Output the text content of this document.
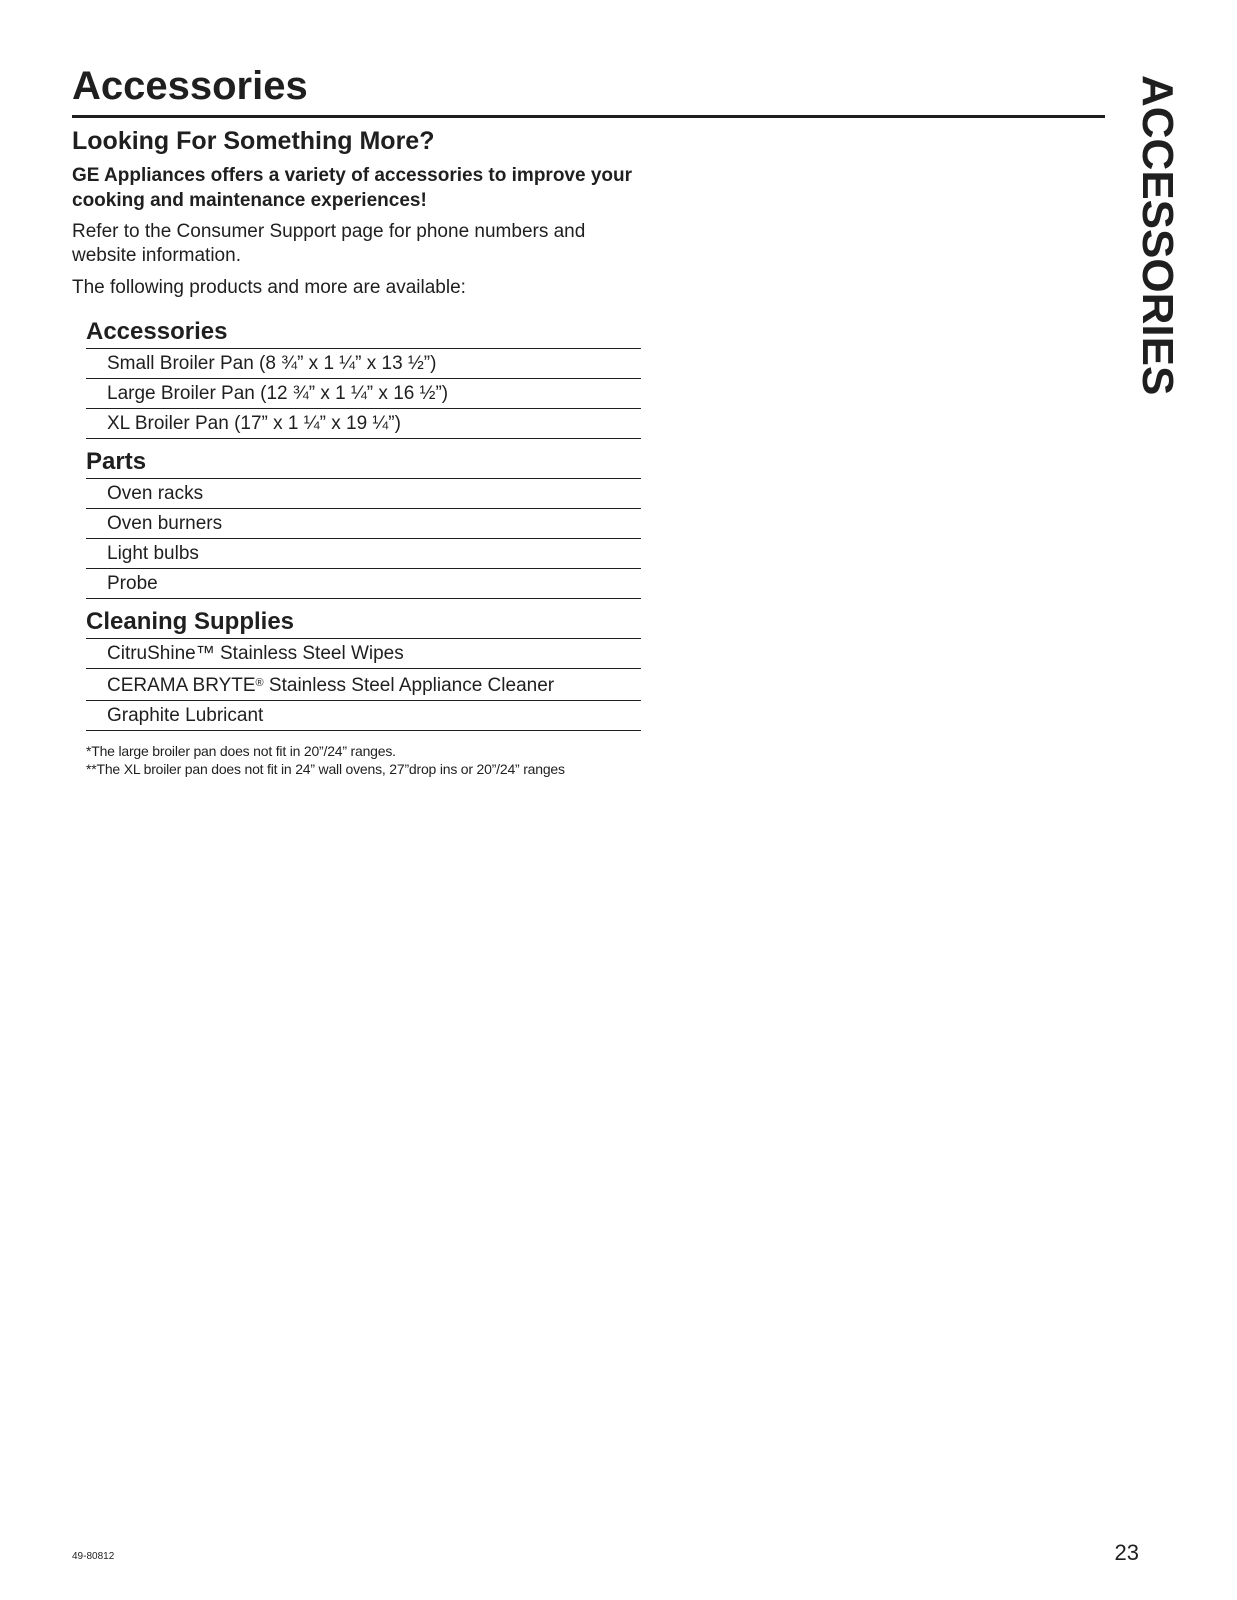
Accessories	ACCESSORIES
Looking For Something More?
GE Appliances offers a variety of accessories to improve your cooking and maintenance experiences!
Refer to the Consumer Support page for phone numbers and website information.
The following products and more are available:
Accessories
Small Broiler Pan (8 ¾” x 1 ¼” x 13 ½”)
Large Broiler Pan (12 ¾” x 1 ¼” x 16 ½”)
XL Broiler Pan (17” x 1 ¼” x 19 ¼”)
Parts
Oven racks
Oven burners
Light bulbs
Probe
Cleaning Supplies
CitruShine™ Stainless Steel Wipes
CERAMA BRYTE® Stainless Steel Appliance Cleaner
Graphite Lubricant
*The large broiler pan does not fit in 20”/24” ranges.
**The XL broiler pan does not fit in 24” wall ovens, 27”drop ins or 20”/24” ranges
49-80812	23
